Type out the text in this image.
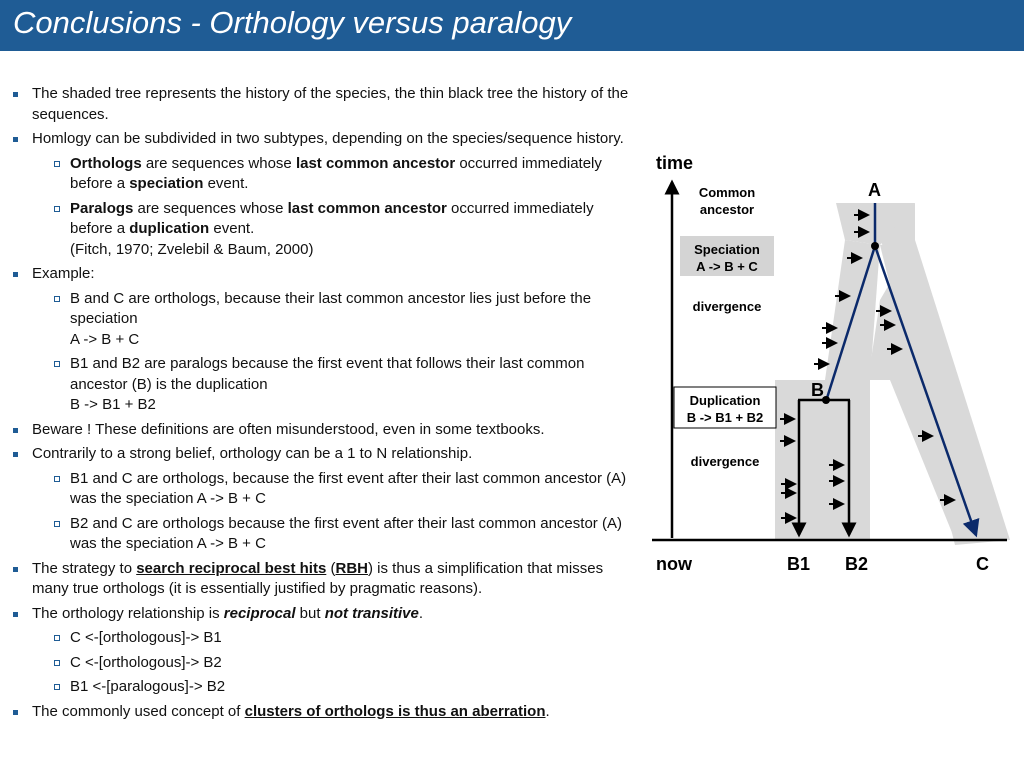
Conclusions - Orthology versus paralogy
The shaded tree represents the history of the species, the thin black tree the history of the sequences.
Homlogy can be subdivided in two subtypes, depending on the species/sequence history.
Orthologs are sequences whose last common ancestor occurred immediately before a speciation event.
Paralogs are sequences whose last common ancestor occurred immediately before a duplication event.
(Fitch, 1970; Zvelebil & Baum, 2000)
Example:
B and C are orthologs, because their last common ancestor lies just before the speciation
A -> B + C
B1 and B2 are paralogs because the first event that follows their last common ancestor (B) is the duplication
B -> B1 + B2
Beware ! These definitions are often misunderstood, even in some textbooks.
Contrarily to a strong belief, orthology can be a 1 to N relationship.
B1 and C are orthologs, because the first event after their last common ancestor (A) was the speciation A -> B + C
B2 and C are orthologs because the first event after their last common ancestor (A) was the speciation A -> B + C
The strategy to search reciprocal best hits (RBH) is thus a simplification that misses many true orthologs (it is essentially justified by pragmatic reasons).
The orthology relationship is reciprocal but not transitive.
C <-[orthologous]-> B1
C <-[orthologous]-> B2
B1 <-[paralogous]-> B2
The commonly used concept of clusters of orthologs is thus an aberration.
time
now
Common
ancestor
Speciation
A -> B + C
divergence
Duplication
B -> B1 + B2
divergence
A
B
B1 B2	C
